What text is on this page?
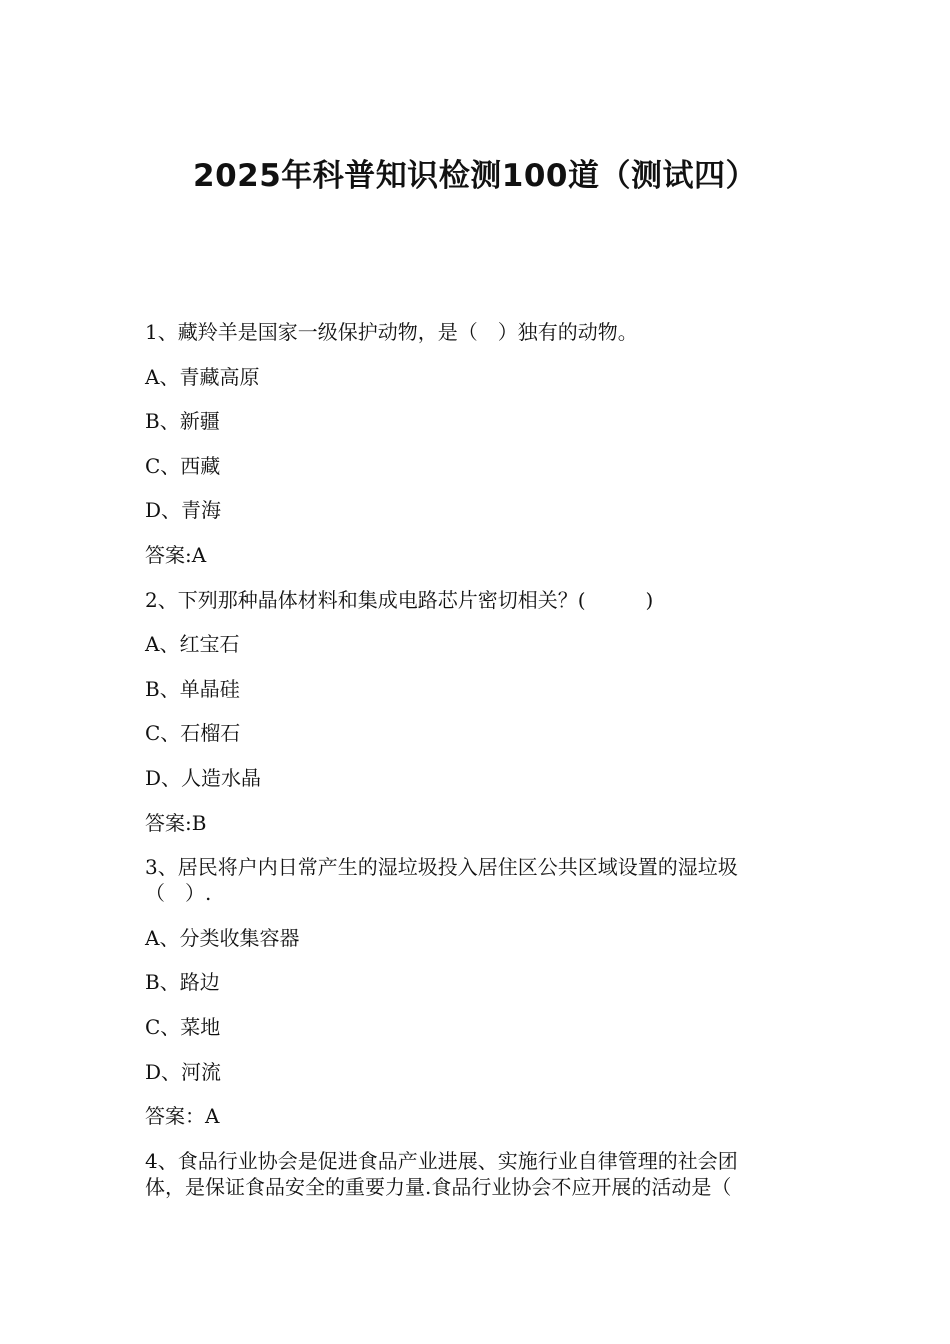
2025年科普知识检测100道（测试四）
1、藏羚羊是国家一级保护动物，是（　）独有的动物。
A、青藏高原
B、新疆
C、西藏
D、青海
答案:A
2、下列那种晶体材料和集成电路芯片密切相关？(　　　)
A、红宝石
B、单晶硅
C、石榴石
D、人造水晶
答案:B
3、居民将户内日常产生的湿垃圾投入居住区公共区域设置的湿垃圾
（　）.
A、分类收集容器
B、路边
C、菜地
D、河流
答案：A
4、食品行业协会是促进食品产业进展、实施行业自律管理的社会团
体，是保证食品安全的重要力量.食品行业协会不应开展的活动是（
